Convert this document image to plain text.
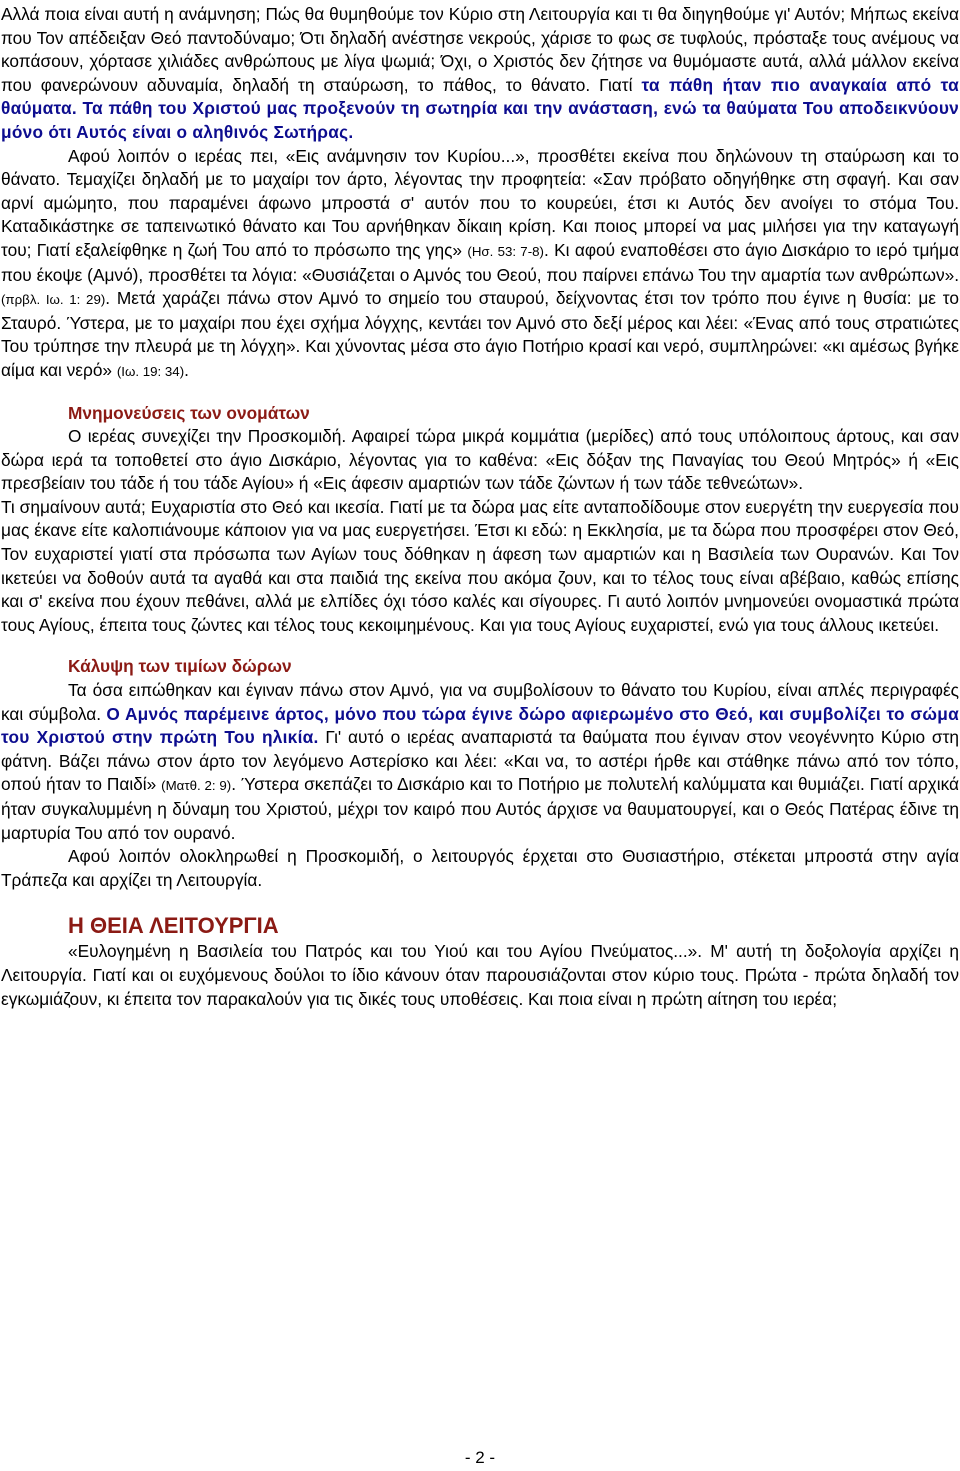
Αλλά ποια είναι αυτή η ανάμνηση; Πώς θα θυμηθούμε τον Κύριο στη Λειτουργία και τι θα διηγηθούμε γι' Αυτόν; Μήπως εκείνα που Τον απέδειξαν Θεό παντοδύναμο; Ότι δηλαδή ανέστησε νεκρούς, χάρισε το φως σε τυφλούς, πρόσταξε τους ανέμους να κοπάσουν, χόρτασε χιλιάδες ανθρώπους με λίγα ψωμιά; Όχι, ο Χριστός δεν ζήτησε να θυμόμαστε αυτά, αλλά μάλλον εκείνα που φανερώνουν αδυναμία, δηλαδή τη σταύρωση, το πάθος, το θάνατο. Γιατί τα πάθη ήταν πιο αναγκαία από τα θαύματα. Τα πάθη του Χριστού μας προξενούν τη σωτηρία και την ανάσταση, ενώ τα θαύματα Του αποδεικνύουν μόνο ότι Αυτός είναι ο αληθινός Σωτήρας.

Αφού λοιπόν ο ιερέας πει, «Εις ανάμνησιν τον Κυρίου...», προσθέτει εκείνα που δηλώνουν τη σταύρωση και το θάνατο. Τεμαχίζει δηλαδή με το μαχαίρι τον άρτο, λέγοντας την προφητεία: «Σαν πρόβατο οδηγήθηκε στη σφαγή. Και σαν αρνί αμώμητο, που παραμένει άφωνο μπροστά σ' αυτόν που το κουρεύει, έτσι κι Αυτός δεν ανοίγει το στόμα Του. Καταδικάστηκε σε ταπεινωτικό θάνατο και Του αρνήθηκαν δίκαιη κρίση. Και ποιος μπορεί να μας μιλήσει για την καταγωγή του; Γιατί εξαλείφθηκε η ζωή Του από το πρόσωπο της γης» (Ησ. 53: 7-8). Κι αφού εναποθέσει στο άγιο Δισκάριο το ιερό τμήμα που έκοψε (Αμνό), προσθέτει τα λόγια: «Θυσιάζεται ο Αμνός του Θεού, που παίρνει επάνω Του την αμαρτία των ανθρώπων». (πρβλ. Ιω. 1: 29). Μετά χαράζει πάνω στον Αμνό το σημείο του σταυρού, δείχνοντας έτσι τον τρόπο που έγινε η θυσία: με το Σταυρό. Ύστερα, με το μαχαίρι που έχει σχήμα λόγχης, κεντάει τον Αμνό στο δεξί μέρος και λέει: «Ένας από τους στρατιώτες Του τρύπησε την πλευρά με τη λόγχη». Και χύνοντας μέσα στο άγιο Ποτήριο κρασί και νερό, συμπληρώνει: «κι αμέσως βγήκε αίμα και νερό» (Ιω. 19: 34).

Μνημονεύσεις των ονομάτων

Ο ιερέας συνεχίζει την Προσκομιδή. Αφαιρεί τώρα μικρά κομμάτια (μερίδες) από τους υπόλοιπους άρτους, και σαν δώρα ιερά τα τοποθετεί στο άγιο Δισκάριο, λέγοντας για το καθένα: «Εις δόξαν της Παναγίας του Θεού Μητρός» ή «Εις πρεσβείαιν του τάδε ή του τάδε Αγίου» ή «Εις άφεσιν αμαρτιών των τάδε ζώντων ή των τάδε τεθνεώτων».

Τι σημαίνουν αυτά; Ευχαριστία στο Θεό και ικεσία. Γιατί με τα δώρα μας είτε ανταποδίδουμε στον ευεργέτη την ευεργεσία που μας έκανε είτε καλοπιάνουμε κάποιον για να μας ευεργετήσει. Έτσι κι εδώ: η Εκκλησία, με τα δώρα που προσφέρει στον Θεό, Τον ευχαριστεί γιατί στα πρόσωπα των Αγίων τους δόθηκαν η άφεση των αμαρτιών και η Βασιλεία των Ουρανών. Και Τον ικετεύει να δοθούν αυτά τα αγαθά και στα παιδιά της εκείνα που ακόμα ζουν, και το τέλος τους είναι αβέβαιο, καθώς επίσης και σ' εκείνα που έχουν πεθάνει, αλλά με ελπίδες όχι τόσο καλές και σίγουρες. Γι αυτό λοιπόν μνημονεύει ονομαστικά πρώτα τους Αγίους, έπειτα τους ζώντες και τέλος τους κεκοιμημένους. Και για τους Αγίους ευχαριστεί, ενώ για τους άλλους ικετεύει.

Κάλυψη των τιμίων δώρων

Τα όσα ειπώθηκαν και έγιναν πάνω στον Αμνό, για να συμβολίσουν το θάνατο του Κυρίου, είναι απλές περιγραφές και σύμβολα. Ο Αμνός παρέμεινε άρτος, μόνο που τώρα έγινε δώρο αφιερωμένο στο Θεό, και συμβολίζει το σώμα του Χριστού στην πρώτη Του ηλικία. Γι' αυτό ο ιερέας αναπαριστά τα θαύματα που έγιναν στον νεογέννητο Κύριο στη φάτνη. Βάζει πάνω στον άρτο τον λεγόμενο Αστερίσκο και λέει: «Και να, το αστέρι ήρθε και στάθηκε πάνω από τον τόπο, οπού ήταν το Παιδί» (Ματθ. 2: 9). Ύστερα σκεπάζει το Δισκάριο και το Ποτήριο με πολυτελή καλύμματα και θυμιάζει. Γιατί αρχικά ήταν συγκαλυμμένη η δύναμη του Χριστού, μέχρι τον καιρό που Αυτός άρχισε να θαυματουργεί, και ο Θεός Πατέρας έδινε τη μαρτυρία Του από τον ουρανό.

Αφού λοιπόν ολοκληρωθεί η Προσκομιδή, ο λειτουργός έρχεται στο Θυσιαστήριο, στέκεται μπροστά στην αγία Τράπεζα και αρχίζει τη Λειτουργία.

Η ΘΕΙΑ ΛΕΙΤΟΥΡΓΙΑ

«Ευλογημένη η Βασιλεία του Πατρός και του Υιού και του Αγίου Πνεύματος...». Μ' αυτή τη δοξολογία αρχίζει η Λειτουργία. Γιατί και οι ευχόμενους δούλοι το ίδιο κάνουν όταν παρουσιάζονται στον κύριο τους. Πρώτα - πρώτα δηλαδή τον εγκωμιάζουν, κι έπειτα τον παρακαλούν για τις δικές τους υποθέσεις. Και ποια είναι η πρώτη αίτηση του ιερέα;

- 2 -
